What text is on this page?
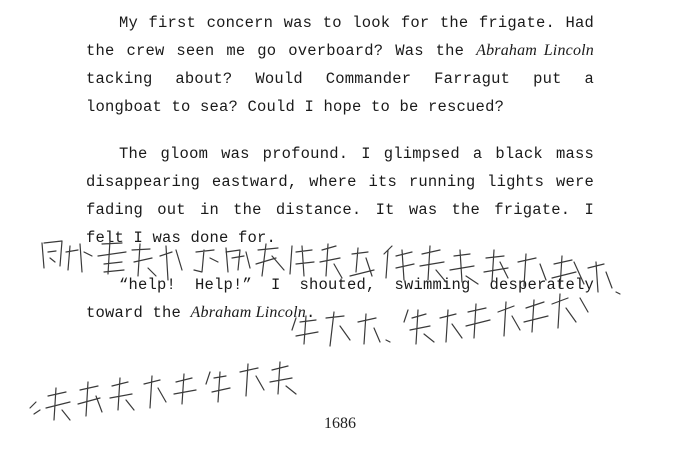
My first concern was to look for the frigate. Had the crew seen me go overboard? Was the Abraham Lincoln tacking about? Would Commander Farragut put a longboat to sea? Could I hope to be rescued?

The gloom was profound. I glimpsed a black mass disappearing eastward, where its running lights were fading out in the distance. It was the frigate. I felt I was done for.

“help! Help!” I shouted, swimming desperately toward the Abraham Lincoln.

1686
